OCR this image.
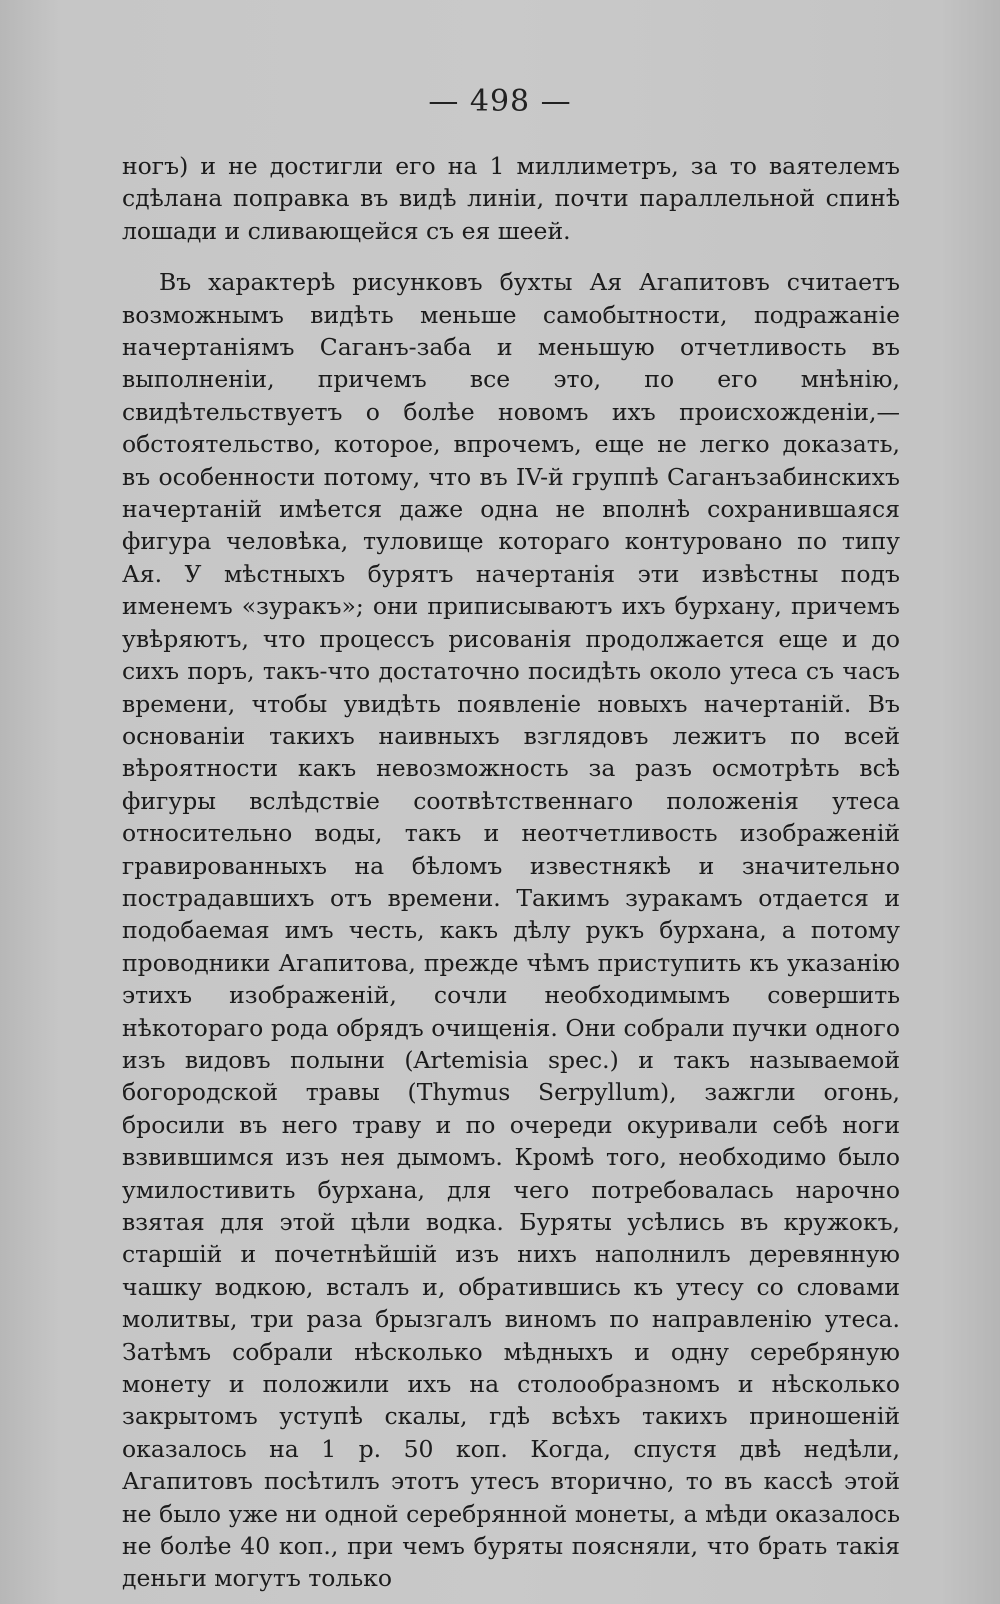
— 498 —

ногъ) и не достигли его на 1 миллиметръ, за то ваятелемъ сдѣлана поправка въ видѣ линіи, почти параллельной спинѣ лошади и сливающейся съ ея шеей.

Въ характерѣ рисунковъ бухты Ая Агапитовъ считаетъ возможнымъ видѣть меньше самобытности, подражаніе начертаніямъ Саганъ-заба и меньшую отчетливость въ выполненіи, причемъ все это, по его мнѣнію, свидѣтельствуетъ о болѣе новомъ ихъ происхожденіи,—обстоятельство, которое, впрочемъ, еще не легко доказать, въ особенности потому, что въ IV-й группѣ Саганъзабинскихъ начертаній имѣется даже одна не вполнѣ сохранившаяся фигура человѣка, туловище котораго контуровано по типу Ая. У мѣстныхъ бурятъ начертанія эти извѣстны подъ именемъ «зуракъ»; они приписываютъ ихъ бурхану, причемъ увѣряютъ, что процессъ рисованія продолжается еще и до сихъ поръ, такъ-что достаточно посидѣть около утеса съ часъ времени, чтобы увидѣть появленіе новыхъ начертаній. Въ основаніи такихъ наивныхъ взглядовъ лежитъ по всей вѣроятности какъ невозможность за разъ осмотрѣть всѣ фигуры вслѣдствіе соотвѣтственнаго положенія утеса относительно воды, такъ и неотчетливость изображеній гравированныхъ на бѣломъ известнякѣ и значительно пострадавшихъ отъ времени. Такимъ зуракамъ отдается и подобаемая имъ честь, какъ дѣлу рукъ бурхана, а потому проводники Агапитова, прежде чѣмъ приступить къ указанію этихъ изображеній, сочли необходимымъ совершить нѣкотораго рода обрядъ очищенія. Они собрали пучки одного изъ видовъ полыни (Artemisia spec.) и такъ называемой богородской травы (Thymus Serpyllum), зажгли огонь, бросили въ него траву и по очереди окуривали себѣ ноги взвившимся изъ нея дымомъ. Кромѣ того, необходимо было умилостивить бурхана, для чего потребовалась нарочно взятая для этой цѣли водка. Буряты усѣлись въ кружокъ, старшій и почетнѣйшій изъ нихъ наполнилъ деревянную чашку водкою, всталъ и, обратившись къ утесу со словами молитвы, три раза брызгалъ виномъ по направленію утеса. Затѣмъ собрали нѣсколько мѣдныхъ и одну серебряную монету и положили ихъ на столообразномъ и нѣсколько закрытомъ уступѣ скалы, гдѣ всѣхъ такихъ приношеній оказалось на 1 р. 50 коп. Когда, спустя двѣ недѣли, Агапитовъ посѣтилъ этотъ утесъ вторично, то въ кассѣ этой не было уже ни одной серебрянной монеты, а мѣди оказалось не болѣе 40 коп., при чемъ буряты поясняли, что брать такія деньги могутъ только
